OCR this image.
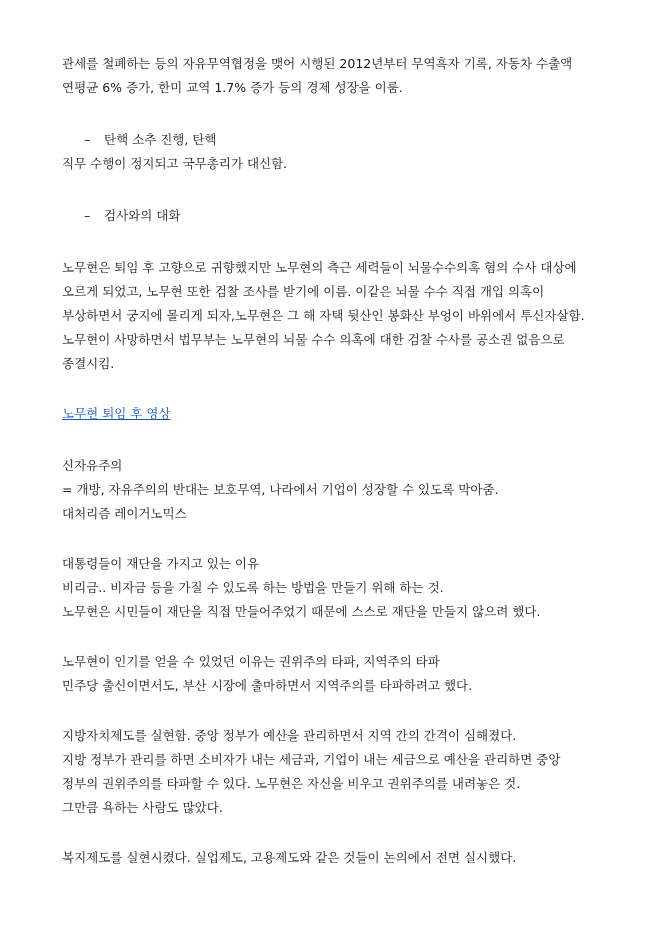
관세를 철폐하는 등의 자유무역협정을 맺어 시행된 2012년부터 무역흑자 기록, 자동차 수출액
연평균 6% 증가, 한미 교역 1.7% 증가 등의 경제 성장을 이룸.
– 탄핵 소추 진행, 탄핵
직무 수행이 정지되고 국무총리가 대신함.
– 검사와의 대화
노무현은 퇴임 후 고향으로 귀향했지만 노무현의 측근 세력들이 뇌물수수의혹 혐의 수사 대상에
오르게 되었고, 노무현 또한 검찰 조사를 받기에 이름. 이같은 뇌물 수수 직접 개입 의혹이
부상하면서 궁지에 몰리게 되자,노무현은 그 해 자택 뒷산인 봉화산 부엉이 바위에서 투신자살함.
노무현이 사망하면서 법무부는 노무현의 뇌물 수수 의혹에 대한 검찰 수사를 공소권 없음으로
종결시킴.
노무현 퇴임 후 영상
신자유주의
= 개방, 자유주의의 반대는 보호무역, 나라에서 기업이 성장할 수 있도록 막아줌.
대처리즘 레이거노믹스
대통령들이 재단을 가지고 있는 이유
비리금.. 비자금 등을 가질 수 있도록 하는 방법을 만들기 위해 하는 것.
노무현은 시민들이 재단을 직접 만들어주었기 때문에 스스로 재단을 만들지 않으려 했다.
노무현이 인기를 얻을 수 있었던 이유는 권위주의 타파, 지역주의 타파
민주당 출신이면서도, 부산 시장에 출마하면서 지역주의를 타파하려고 했다.
지방자치제도를 실현함. 중앙 정부가 예산을 관리하면서 지역 간의 간격이 심해졌다.
지방 정부가 관리를 하면 소비자가 내는 세금과, 기업이 내는 세금으로 예산을 관리하면 중앙
정부의 권위주의를 타파할 수 있다. 노무현은 자신을 비우고 권위주의를 내려놓은 것.
그만큼 욕하는 사람도 많았다.
복지제도를 실현시켰다. 실업제도, 고용제도와 같은 것들이 논의에서 전면 실시했다.
